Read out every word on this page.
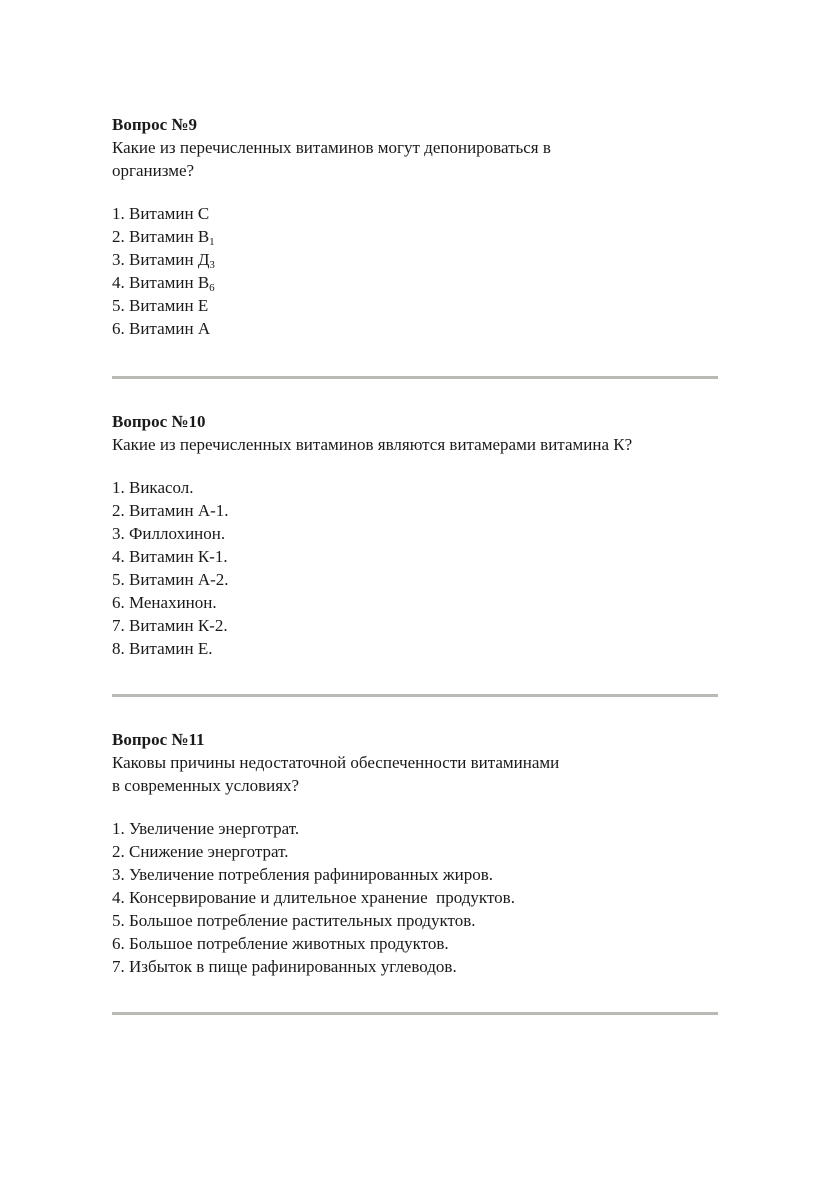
Вопрос №9

Какие из перечисленных витаминов могут депонироваться в

организме?

1. Витамин С
2. Витамин $В_1$
3. Витамин $Д_3$
4. Витамин $В_6$
5. Витамин Е
6. Витамин А

Вопрос №10

Какие из перечисленных витаминов являются витамерами витамина К?

1. Викасол.
2. Витамин А-1.
3. Филлохинон.
4. Витамин К-1.
5. Витамин А-2.
6. Менахинон.
7. Витамин К-2.
8. Витамин Е.

Вопрос №11

Каковы причины недостаточной обеспеченности витаминами

в современных условиях?

1. Увеличение энерготрат.
2. Снижение энерготрат.
3. Увеличение потребления рафинированных жиров.
4. Консервирование и длительное хранение  продуктов.
5. Большое потребление растительных продуктов.
6. Большое потребление животных продуктов.
7. Избыток в пище рафинированных углеводов.
